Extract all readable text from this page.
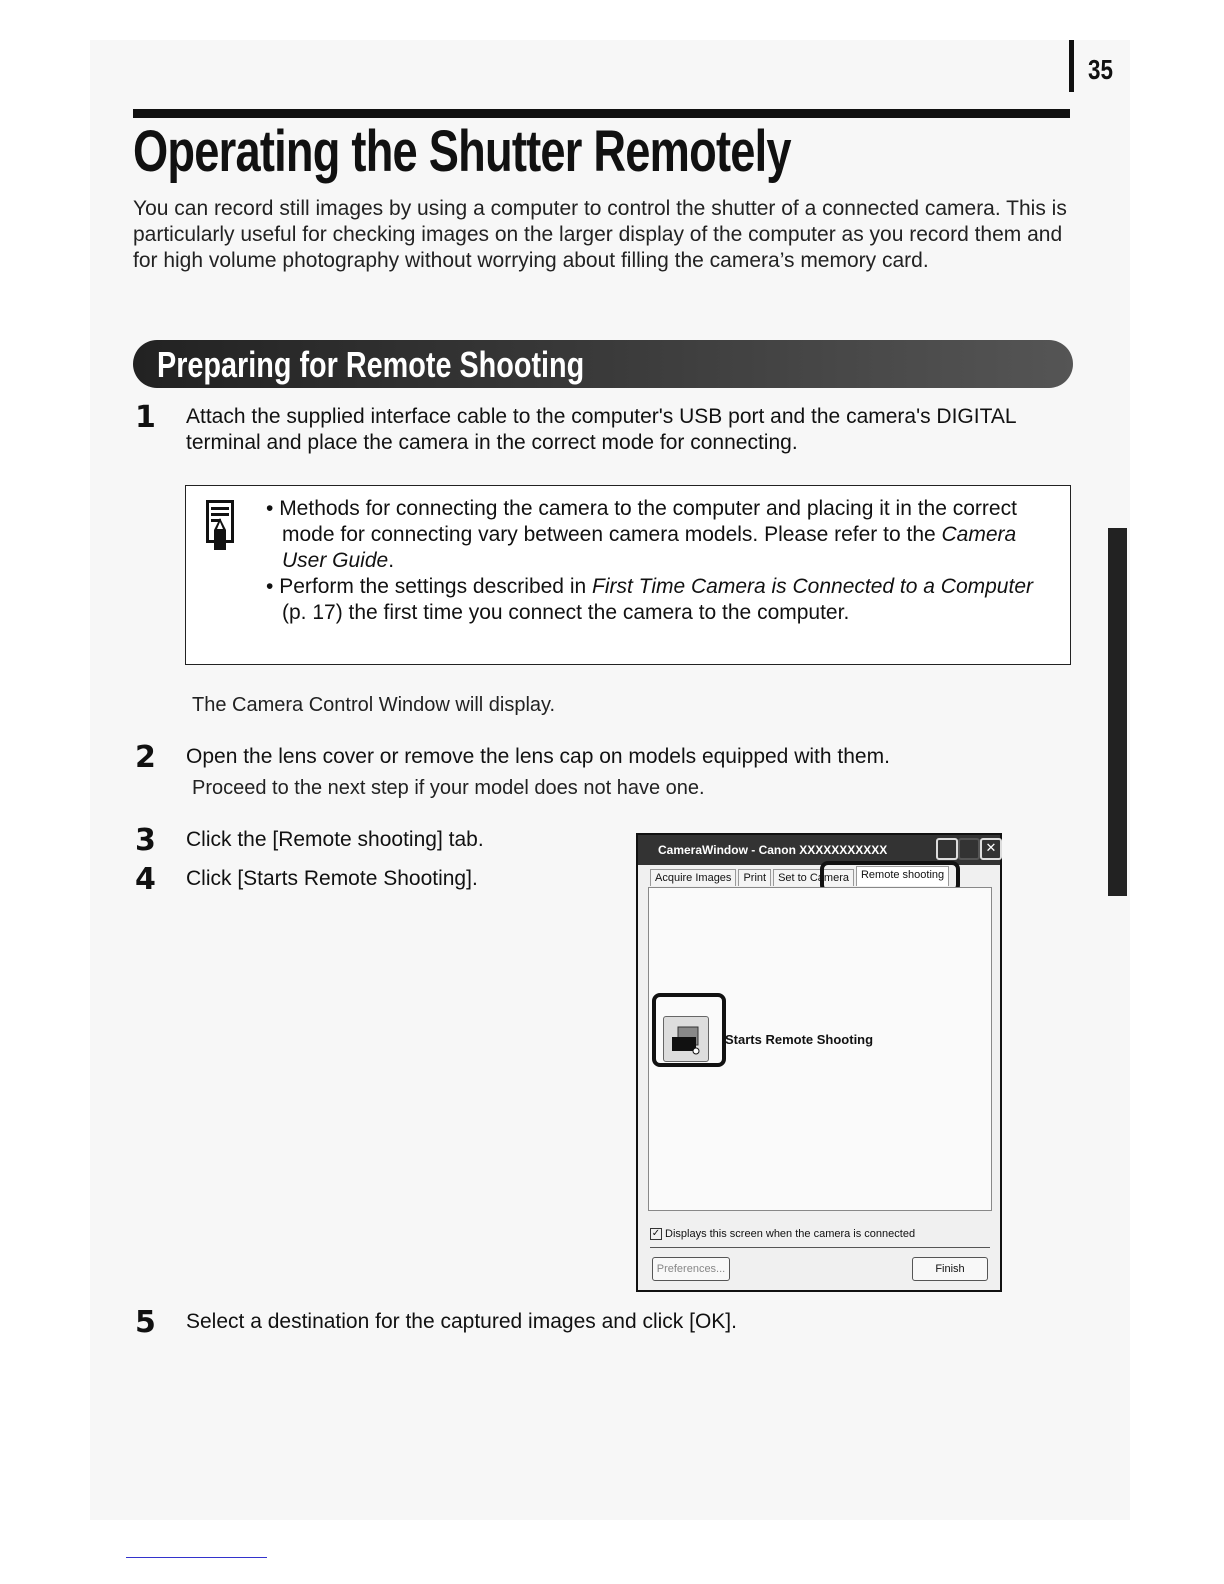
35
Operating the Shutter Remotely

You can record still images by using a computer to control the shutter of a connected camera. This is particularly useful for checking images on the larger display of the computer as you record them and for high volume photography without worrying about filling the camera’s memory card.

Preparing for Remote Shooting
1 Attach the supplied interface cable to the computer's USB port and the camera's DIGITAL terminal and place the camera in the correct mode for connecting.
• Methods for connecting the camera to the computer and placing it in the correct mode for connecting vary between camera models. Please refer to the Camera User Guide.
• Perform the settings described in First Time Camera is Connected to a Computer (p. 17) the first time you connect the camera to the computer.
The Camera Control Window will display.
2 Open the lens cover or remove the lens cap on models equipped with them.
Proceed to the next step if your model does not have one.
3 Click the [Remote shooting] tab.
4 Click [Starts Remote Shooting].
CameraWindow - Canon XXXXXXXXXXX	✕
Acquire Images	Print	Set to Camera	Remote shooting
Starts Remote Shooting
✓ Displays this screen when the camera is connected
Preferences...	Finish
5 Select a destination for the captured images and click [OK].
